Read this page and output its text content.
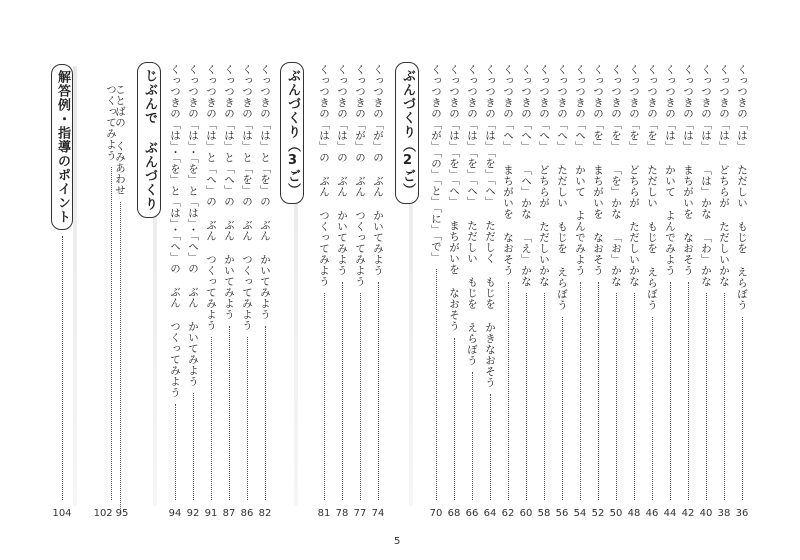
くっつきの「は」 ただしい もじを えらぼう
36
くっつきの「は」 どちらが ただしいかな
38
くっつきの「は」 「は」かな 「わ」かな
40
くっつきの「は」 まちがいを なおそう
42
くっつきの「は」 かいて よんでみよう
44
くっつきの「を」 ただしい もじを えらぼう
46
くっつきの「を」 どちらが ただしいかな
48
くっつきの「を」 「を」かな 「お」かな
50
くっつきの「を」 まちがいを なおそう
52
くっつきの「へ」 かいて よんでみよう
54
くっつきの「へ」 ただしい もじを えらぼう
56
くっつきの「へ」 どちらが ただしいかな
58
くっつきの「へ」 「へ」かな 「え」かな
60
くっつきの「へ」 まちがいを なおそう
62
くっつきの「は」「を」「へ」 ただしく もじを かきなおそう
64
くっつきの「は」「を」「へ」 ただしい もじを えらぼう
66
くっつきの「は」「を」「へ」 まちがいを なおそう
68
くっつきの「が」「の」「と」「に」「で」
70
ぶんづくり（2ご）
くっつきの「が」の ぶん かいてみよう
74
くっつきの「が」の ぶん つくってみよう
77
くっつきの「は」の ぶん かいてみよう
78
くっつきの「は」の ぶん つくってみよう
81
ぶんづくり（3ご）
くっつきの「は」と「を」の ぶん かいてみよう
82
くっつきの「は」と「を」の ぶん つくってみよう
86
くっつきの「は」と「へ」の ぶん かいてみよう
87
くっつきの「は」と「へ」の ぶん つくってみよう
91
くっつきの「は」・「を」と「は」・「へ」の ぶん かいてみよう
92
くっつきの「は」・「を」と「は」・「へ」の ぶん つくってみよう
94
じぶんで ぶんづくり
ことばの くみあわせ
つくってみよう
102 95
解答例・指導のポイント
104
5
